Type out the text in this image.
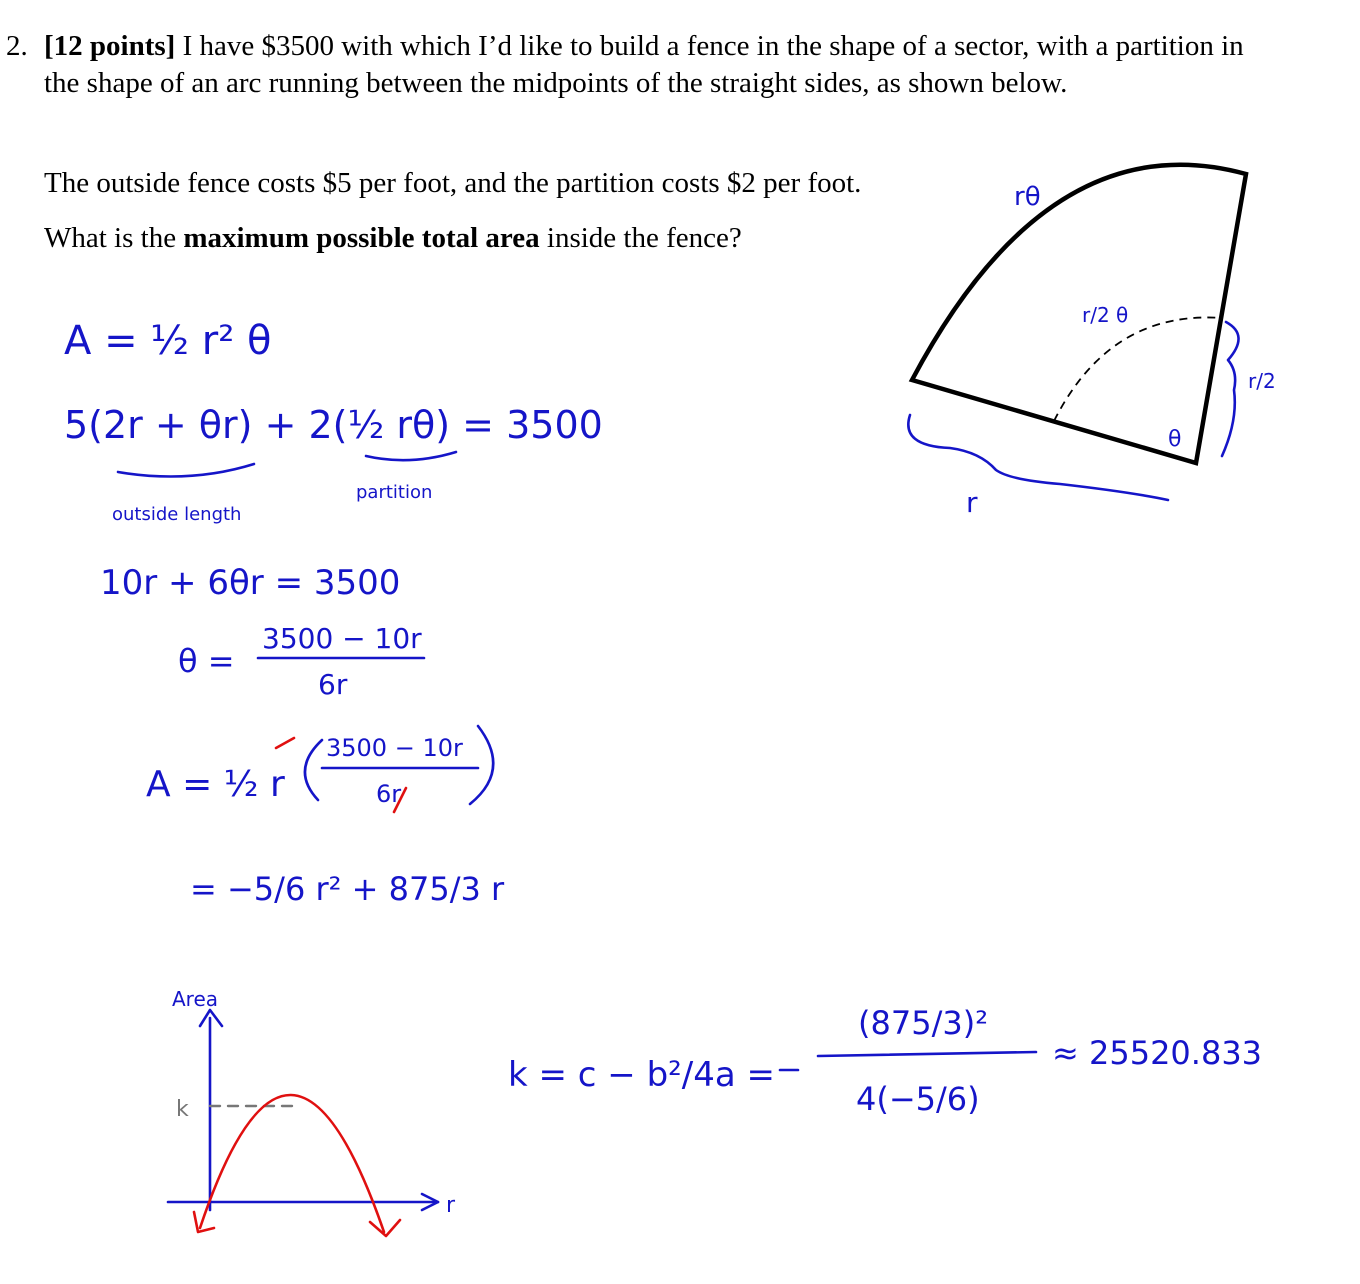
2. [12 points] I have $3500 with which I’d like to build a fence in the shape of a sector, with a partition in the shape of an arc running between the midpoints of the straight sides, as shown below.
The outside fence costs $5 per foot, and the partition costs $2 per foot.
What is the maximum possible total area inside the fence?
rθ
r/2 θ
r/2
θ
r
A = ½ r² θ
5(2r + θr) + 2(½ rθ) = 3500
outside length
partition
10r + 6θr = 3500
θ =
3500 − 10r
6r
A = ½ r
3500 − 10r
6r
= −5/6 r² + 875/3 r
Area
r
k
k = c − b²/4a =
(875/3)²
4(−5/6)
≈ 25520.833
